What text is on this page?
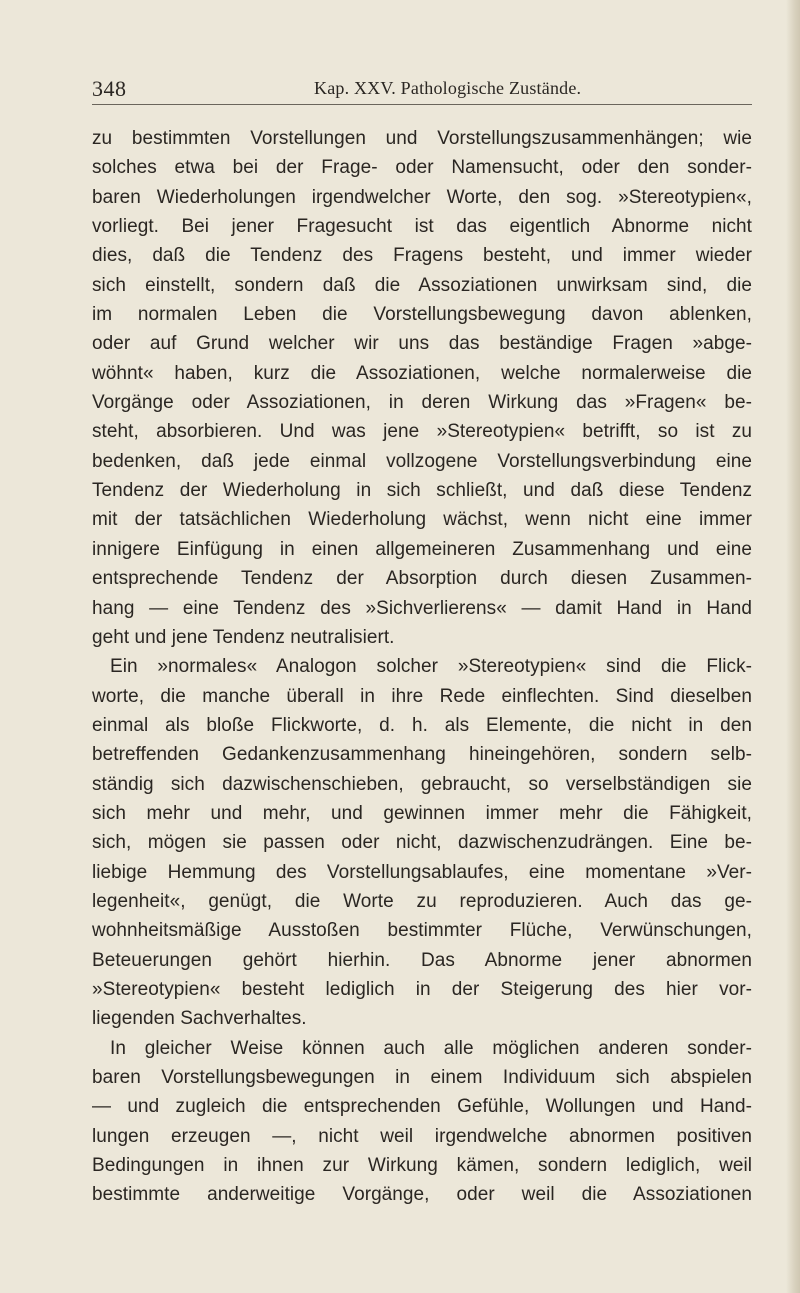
348	Kap. XXV. Pathologische Zustände.
zu bestimmten Vorstellungen und Vorstellungszusammenhängen; wie
solches etwa bei der Frage- oder Namensucht, oder den sonder-
baren Wiederholungen irgendwelcher Worte, den sog. »Stereotypien«,
vorliegt. Bei jener Fragesucht ist das eigentlich Abnorme nicht
dies, daß die Tendenz des Fragens besteht, und immer wieder
sich einstellt, sondern daß die Assoziationen unwirksam sind, die
im normalen Leben die Vorstellungsbewegung davon ablenken,
oder auf Grund welcher wir uns das beständige Fragen »abge-
wöhnt« haben, kurz die Assoziationen, welche normalerweise die
Vorgänge oder Assoziationen, in deren Wirkung das »Fragen« be-
steht, absorbieren. Und was jene »Stereotypien« betrifft, so ist zu
bedenken, daß jede einmal vollzogene Vorstellungsverbindung eine
Tendenz der Wiederholung in sich schließt, und daß diese Tendenz
mit der tatsächlichen Wiederholung wächst, wenn nicht eine immer
innigere Einfügung in einen allgemeineren Zusammenhang und eine
entsprechende Tendenz der Absorption durch diesen Zusammen-
hang — eine Tendenz des »Sichverlierens« — damit Hand in Hand
geht und jene Tendenz neutralisiert.
Ein »normales« Analogon solcher »Stereotypien« sind die Flick-
worte, die manche überall in ihre Rede einflechten. Sind dieselben
einmal als bloße Flickworte, d. h. als Elemente, die nicht in den
betreffenden Gedankenzusammenhang hineingehören, sondern selb-
ständig sich dazwischenschieben, gebraucht, so verselbständigen sie
sich mehr und mehr, und gewinnen immer mehr die Fähigkeit,
sich, mögen sie passen oder nicht, dazwischenzudrängen. Eine be-
liebige Hemmung des Vorstellungsablaufes, eine momentane »Ver-
legenheit«, genügt, die Worte zu reproduzieren. Auch das ge-
wohnheitsmäßige Ausstoßen bestimmter Flüche, Verwünschungen,
Beteuerungen gehört hierhin. Das Abnorme jener abnormen
»Stereotypien« besteht lediglich in der Steigerung des hier vor-
liegenden Sachverhaltes.
In gleicher Weise können auch alle möglichen anderen sonder-
baren Vorstellungsbewegungen in einem Individuum sich abspielen
— und zugleich die entsprechenden Gefühle, Wollungen und Hand-
lungen erzeugen —, nicht weil irgendwelche abnormen positiven
Bedingungen in ihnen zur Wirkung kämen, sondern lediglich, weil
bestimmte anderweitige Vorgänge, oder weil die Assoziationen
